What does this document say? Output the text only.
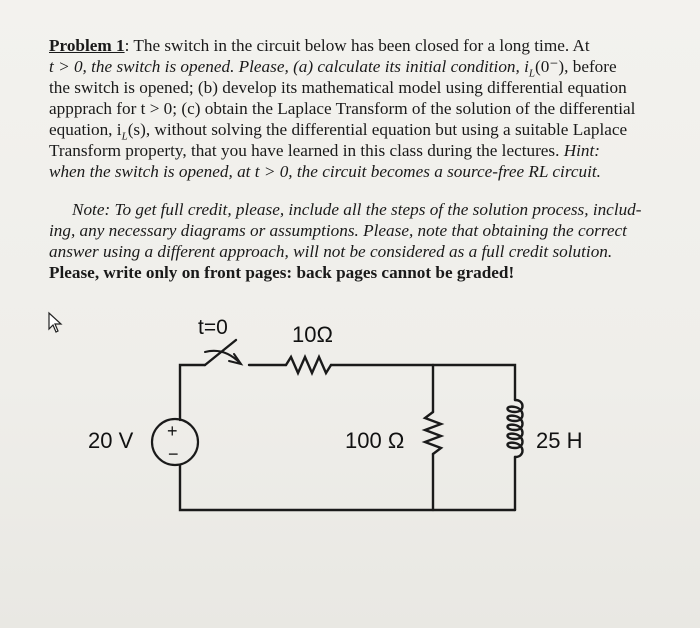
Problem 1: The switch in the circuit below has been closed for a long time. At
t > 0, the switch is opened. Please, (a) calculate its initial condition, $i_L(0^-)$, before
the switch is opened; (b) develop its mathematical model using differential equation
appprach for t > 0; (c) obtain the Laplace Transform of the solution of the differential
equation, $i_L(s)$, without solving the differential equation but using a suitable Laplace
Transform property, that you have learned in this class during the lectures. Hint:
when the switch is opened, at t > 0, the circuit becomes a source-free RL circuit.
Note: To get full credit, please, include all the steps of the solution process, includ-
ing, any necessary diagrams or assumptions. Please, note that obtaining the correct
answer using a different approach, will not be considered as a full credit solution.
Please, write only on front pages: back pages cannot be graded!
t=0	10Ω
20 V +
−
100 Ω	25 H
